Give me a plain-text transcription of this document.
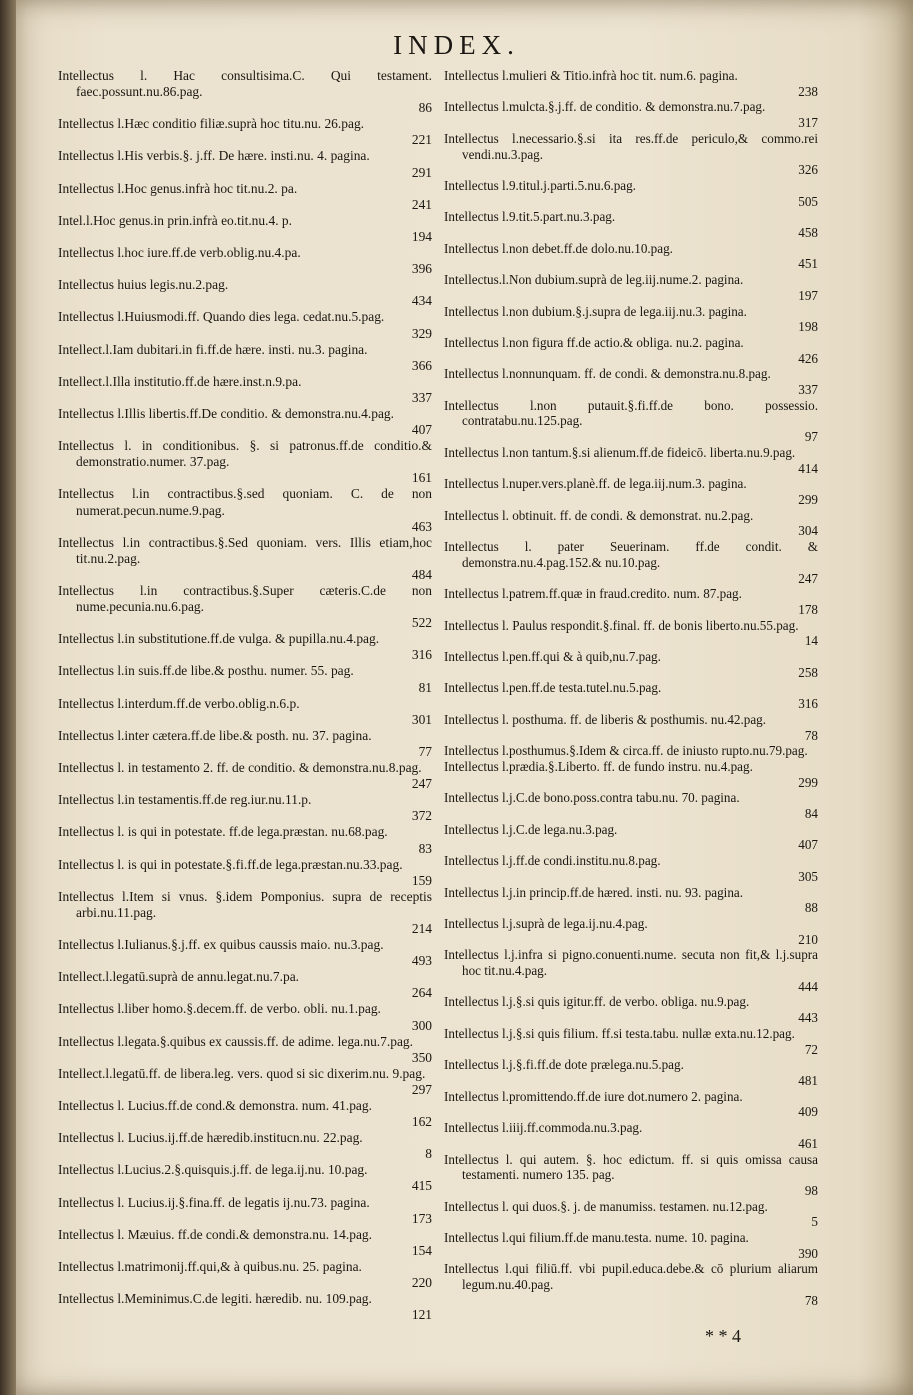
INDEX.
Intellectus l. Hac consultisima.C. Qui testament. faec.possunt.nu.86.pag.
86
Intellectus l.Hæc conditio filiæ.suprà hoc titu.nu. 26.pag.
221
Intellectus l.His verbis.§. j.ff. De hære. insti.nu. 4. pagina.
291
Intellectus l.Hoc genus.infrà hoc tit.nu.2. pa.
241
Intel.l.Hoc genus.in prin.infrà eo.tit.nu.4. p.
194
Intellectus l.hoc iure.ff.de verb.oblig.nu.4.pa.
396
Intellectus huius legis.nu.2.pag.
434
Intellectus l.Huiusmodi.ff. Quando dies lega. cedat.nu.5.pag.
329
Intellect.l.Iam dubitari.in fi.ff.de hære. insti. nu.3. pagina.
366
Intellect.l.Illa institutio.ff.de hære.inst.n.9.pa.
337
Intellectus l.Illis libertis.ff.De conditio. & demonstra.nu.4.pag.
407
Intellectus l. in conditionibus. §. si patronus.ff.de conditio.& demonstratio.numer. 37.pag.
161
Intellectus l.in contractibus.§.sed quoniam. C. de non numerat.pecun.nume.9.pag.
463
Intellectus l.in contractibus.§.Sed quoniam. vers. Illis etiam,hoc tit.nu.2.pag.
484
Intellectus l.in contractibus.§.Super cæteris.C.de non nume.pecunia.nu.6.pag.
522
Intellectus l.in substitutione.ff.de vulga. & pupilla.nu.4.pag.
316
Intellectus l.in suis.ff.de libe.& posthu. numer. 55. pag.
81
Intellectus l.interdum.ff.de verbo.oblig.n.6.p.
301
Intellectus l.inter cætera.ff.de libe.& posth. nu. 37. pagina.
77
Intellectus l. in testamento 2. ff. de conditio. & demonstra.nu.8.pag.
247
Intellectus l.in testamentis.ff.de reg.iur.nu.11.p.
372
Intellectus l. is qui in potestate. ff.de lega.præstan. nu.68.pag.
83
Intellectus l. is qui in potestate.§.fi.ff.de lega.præstan.nu.33.pag.
159
Intellectus l.Item si vnus. §.idem Pomponius. supra de receptis arbi.nu.11.pag.
214
Intellectus l.Iulianus.§.j.ff. ex quibus caussis maio. nu.3.pag.
493
Intellect.l.legatū.suprà de annu.legat.nu.7.pa.
264
Intellectus l.liber homo.§.decem.ff. de verbo. obli. nu.1.pag.
300
Intellectus l.legata.§.quibus ex caussis.ff. de adime. lega.nu.7.pag.
350
Intellect.l.legatū.ff. de libera.leg. vers. quod si sic dixerim.nu. 9.pag.
297
Intellectus l. Lucius.ff.de cond.& demonstra. num. 41.pag.
162
Intellectus l. Lucius.ij.ff.de hæredib.institucn.nu. 22.pag.
8
Intellectus l.Lucius.2.§.quisquis.j.ff. de lega.ij.nu. 10.pag.
415
Intellectus l. Lucius.ij.§.fina.ff. de legatis ij.nu.73. pagina.
173
Intellectus l. Mæuius. ff.de condi.& demonstra.nu. 14.pag.
154
Intellectus l.matrimonij.ff.qui,& à quibus.nu. 25. pagina.
220
Intellectus l.Meminimus.C.de legiti. hæredib. nu. 109.pag.
121
Intellectus l.mulieri & Titio.infrà hoc tit. num.6. pagina.
238
Intellectus l.mulcta.§.j.ff. de conditio. & demonstra.nu.7.pag.
317
Intellectus l.necessario.§.si ita res.ff.de periculo,& commo.rei vendi.nu.3.pag.
326
Intellectus l.9.titul.j.parti.5.nu.6.pag.
505
Intellectus l.9.tit.5.part.nu.3.pag.
458
Intellectus l.non debet.ff.de dolo.nu.10.pag.
451
Intellectus.l.Non dubium.suprà de leg.iij.nume.2. pagina.
197
Intellectus l.non dubium.§.j.supra de lega.iij.nu.3. pagina.
198
Intellectus l.non figura ff.de actio.& obliga. nu.2. pagina.
426
Intellectus l.nonnunquam. ff. de condi. & demonstra.nu.8.pag.
337
Intellectus l.non putauit.§.fi.ff.de bono. possessio. contratabu.nu.125.pag.
97
Intellectus l.non tantum.§.si alienum.ff.de fideicō. liberta.nu.9.pag.
414
Intellectus l.nuper.vers.planè.ff. de lega.iij.num.3. pagina.
299
Intellectus l. obtinuit. ff. de condi. & demonstrat. nu.2.pag.
304
Intellectus l. pater Seuerinam. ff.de condit. & demonstra.nu.4.pag.152.& nu.10.pag.
247
Intellectus l.patrem.ff.quæ in fraud.credito. num. 87.pag.
178
Intellectus l. Paulus respondit.§.final. ff. de bonis liberto.nu.55.pag.
14
Intellectus l.pen.ff.qui & à quib,nu.7.pag.
258
Intellectus l.pen.ff.de testa.tutel.nu.5.pag.
316
Intellectus l. posthuma. ff. de liberis & posthumis. nu.42.pag.
78
Intellectus l.posthumus.§.Idem & circa.ff. de iniusto rupto.nu.79.pag.
Intellectus l.prædia.§.Liberto. ff. de fundo instru. nu.4.pag.
299
Intellectus l.j.C.de bono.poss.contra tabu.nu. 70. pagina.
84
Intellectus l.j.C.de lega.nu.3.pag.
407
Intellectus l.j.ff.de condi.institu.nu.8.pag.
305
Intellectus l.j.in princip.ff.de hæred. insti. nu. 93. pagina.
88
Intellectus l.j.suprà de lega.ij.nu.4.pag.
210
Intellectus l.j.infra si pigno.conuenti.nume. secuta non fit,& l.j.supra hoc tit.nu.4.pag.
444
Intellectus l.j.§.si quis igitur.ff. de verbo. obliga. nu.9.pag.
443
Intellectus l.j.§.si quis filium. ff.si testa.tabu. nullæ exta.nu.12.pag.
72
Intellectus l.j.§.fi.ff.de dote prælega.nu.5.pag.
481
Intellectus l.promittendo.ff.de iure dot.numero 2. pagina.
409
Intellectus l.iiij.ff.commoda.nu.3.pag.
461
Intellectus l. qui autem. §. hoc edictum. ff. si quis omissa causa testamenti. numero 135. pag.
98
Intellectus l. qui duos.§. j. de manumiss. testamen. nu.12.pag.
5
Intellectus l.qui filium.ff.de manu.testa. nume. 10. pagina.
390
Intellectus l.qui filiū.ff. vbi pupil.educa.debe.& cō plurium aliarum legum.nu.40.pag.
78
* * 4
